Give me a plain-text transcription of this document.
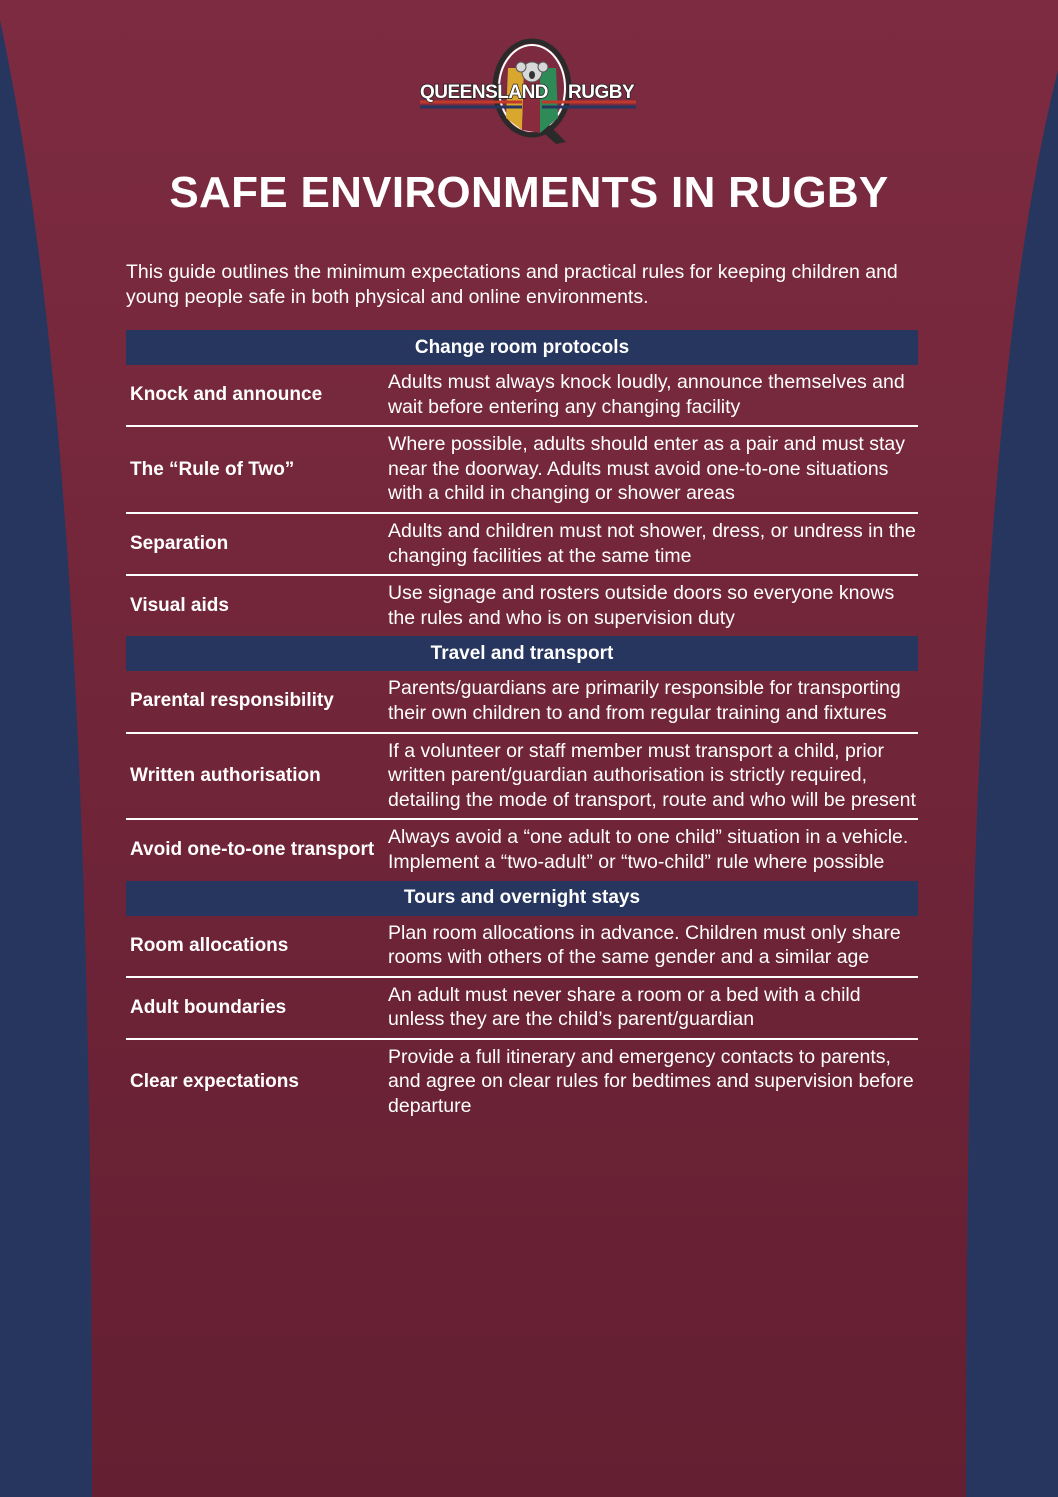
QUEENSLAND RUGBY
SAFE ENVIRONMENTS IN RUGBY

This guide outlines the minimum expectations and practical rules for keeping children and young people safe in both physical and online environments.

Change room protocols	
Knock and announce	Adults must always knock loudly, announce themselves and wait before entering any changing facility
The “Rule of Two”	Where possible, adults should enter as a pair and must stay near the doorway. Adults must avoid one-to-one situations with a child in changing or shower areas
Separation	Adults and children must not shower, dress, or undress in the changing facilities at the same time
Visual aids	Use signage and rosters outside doors so everyone knows the rules and who is on supervision duty
Travel and transport	
Parental responsibility	Parents/guardians are primarily responsible for transporting their own children to and from regular training and fixtures
Written authorisation	If a volunteer or staff member must transport a child, prior written parent/guardian authorisation is strictly required, detailing the mode of transport, route and who will be present
Avoid one-to-one transport	Always avoid a “one adult to one child” situation in a vehicle. Implement a “two-adult” or “two-child” rule where possible
Tours and overnight stays	
Room allocations	Plan room allocations in advance. Children must only share rooms with others of the same gender and a similar age
Adult boundaries	An adult must never share a room or a bed with a child unless they are the child’s parent/guardian
Clear expectations	Provide a full itinerary and emergency contacts to parents, and agree on clear rules for bedtimes and supervision before departure
